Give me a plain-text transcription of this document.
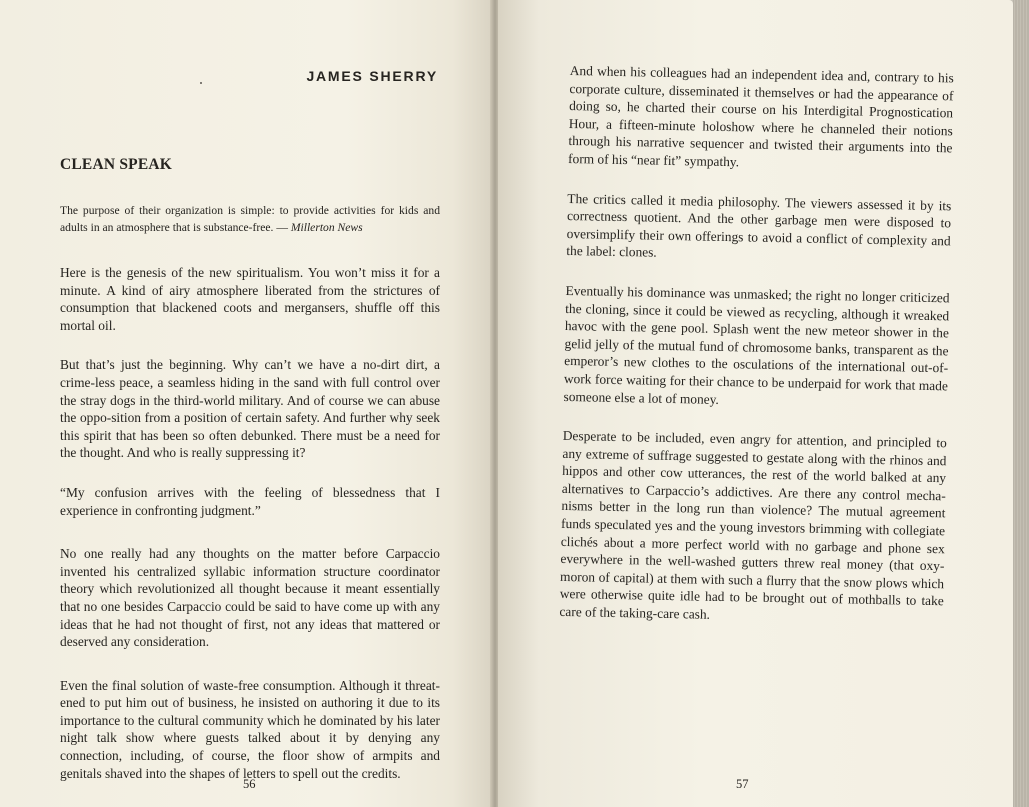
JAMES SHERRY
CLEAN SPEAK
The purpose of their organization is simple: to provide activities for kids and adults in an atmosphere that is substance-free. — Millerton News

Here is the genesis of the new spiritualism. You won’t miss it for a minute. A kind of airy atmosphere liberated from the strictures of consumption that blackened coots and mergansers, shuffle off this mortal oil.

But that’s just the beginning. Why can’t we have a no-dirt dirt, a crime-less peace, a seamless hiding in the sand with full control over the stray dogs in the third-world military. And of course we can abuse the oppo-sition from a position of certain safety. And further why seek this spirit that has been so often debunked. There must be a need for the thought. And who is really suppressing it?

“My confusion arrives with the feeling of blessedness that I experience in confronting judgment.”

No one really had any thoughts on the matter before Carpaccio invented his centralized syllabic information structure coordinator theory which revolutionized all thought because it meant essentially that no one besides Carpaccio could be said to have come up with any ideas that he had not thought of first, not any ideas that mattered or deserved any consideration.

Even the final solution of waste-free consumption. Although it threat-ened to put him out of business, he insisted on authoring it due to its importance to the cultural community which he dominated by his later night talk show where guests talked about it by denying any connection, including, of course, the floor show of armpits and genitals shaved into the shapes of letters to spell out the credits.

56

And when his colleagues had an independent idea and, contrary to his corporate culture, disseminated it themselves or had the appearance of doing so, he charted their course on his Interdigital Prognostication Hour, a fifteen-minute holoshow where he channeled their notions through his narrative sequencer and twisted their arguments into the form of his “near fit” sympathy.

The critics called it media philosophy. The viewers assessed it by its correctness quotient. And the other garbage men were disposed to oversimplify their own offerings to avoid a conflict of complexity and the label: clones.

Eventually his dominance was unmasked; the right no longer criticized the cloning, since it could be viewed as recycling, although it wreaked havoc with the gene pool. Splash went the new meteor shower in the gelid jelly of the mutual fund of chromosome banks, transparent as the emperor’s new clothes to the osculations of the international out-of-work force waiting for their chance to be underpaid for work that made someone else a lot of money.

Desperate to be included, even angry for attention, and principled to any extreme of suffrage suggested to gestate along with the rhinos and hippos and other cow utterances, the rest of the world balked at any alternatives to Carpaccio’s addictives. Are there any control mecha-nisms better in the long run than violence? The mutual agreement funds speculated yes and the young investors brimming with collegiate clichés about a more perfect world with no garbage and phone sex everywhere in the well-washed gutters threw real money (that oxy-moron of capital) at them with such a flurry that the snow plows which were otherwise quite idle had to be brought out of mothballs to take care of the taking-care cash.

57
